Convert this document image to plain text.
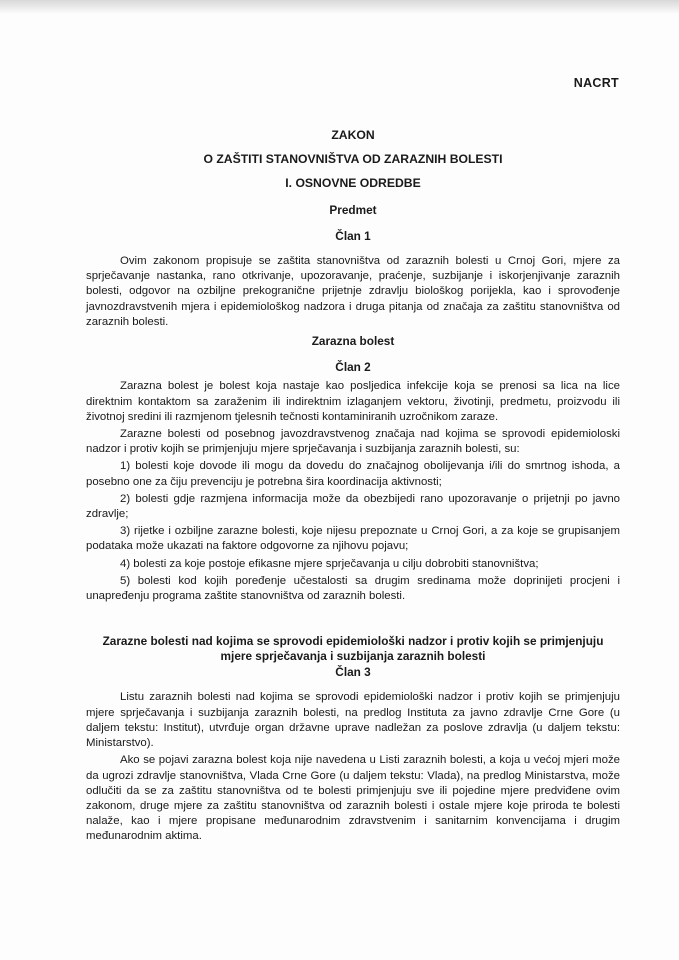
NACRT

ZAKON

O ZAŠTITI STANOVNIŠTVA OD ZARAZNIH BOLESTI

I. OSNOVNE ODREDBE

Predmet

Član 1

Ovim zakonom propisuje se zaštita stanovništva od zaraznih bolesti u Crnoj Gori, mjere za sprječavanje nastanka, rano otkrivanje, upozoravanje, praćenje, suzbijanje i iskorjenjivanje zaraznih bolesti, odgovor na ozbiljne prekogranične prijetnje zdravlju biološkog porijekla, kao i sprovođenje javnozdravstvenih mjera i epidemiološkog nadzora i druga pitanja od značaja za zaštitu stanovništva od zaraznih bolesti.

Zarazna bolest

Član 2

Zarazna bolest je bolest koja nastaje kao posljedica infekcije koja se prenosi sa lica na lice direktnim kontaktom sa zaraženim ili indirektnim izlaganjem vektoru, životinji, predmetu, proizvodu ili životnoj sredini ili razmjenom tjelesnih tečnosti kontaminiranih uzročnikom zaraze.

Zarazne bolesti od posebnog javozdravstvenog značaja nad kojima se sprovodi epidemioloski nadzor i protiv kojih se primjenjuju mjere sprječavanja i suzbijanja zaraznih bolesti, su:

1) bolesti koje dovode ili mogu da dovedu do značajnog obolijevanja i/ili do smrtnog ishoda, a posebno one za čiju prevenciju je potrebna šira koordinacija aktivnosti;

2) bolesti gdje razmjena informacija može da obezbijedi rano upozoravanje o prijetnji po javno zdravlje;

3) rijetke i ozbiljne zarazne bolesti, koje nijesu prepoznate u Crnoj Gori, a za koje se grupisanjem podataka može ukazati na faktore odgovorne za njihovu pojavu;

4) bolesti za koje postoje efikasne mjere sprječavanja u cilju dobrobiti stanovništva;

5) bolesti kod kojih poređenje učestalosti sa drugim sredinama može doprinijeti procjeni i unapređenju programa zaštite stanovništva od zaraznih bolesti.

Zarazne bolesti nad kojima se sprovodi epidemiološki nadzor i protiv kojih se primjenjuju mjere sprječavanja i suzbijanja zaraznih bolesti

Član 3

Listu zaraznih bolesti nad kojima se sprovodi epidemiološki nadzor i protiv kojih se primjenjuju mjere sprječavanja i suzbijanja zaraznih bolesti, na predlog Instituta za javno zdravlje Crne Gore (u daljem tekstu: Institut), utvrđuje organ državne uprave nadležan za poslove zdravlja (u daljem tekstu: Ministarstvo).

Ako se pojavi zarazna bolest koja nije navedena u Listi zaraznih bolesti, a koja u većoj mjeri može da ugrozi zdravlje stanovništva, Vlada Crne Gore (u daljem tekstu: Vlada), na predlog Ministarstva, može odlučiti da se za zaštitu stanovništva od te bolesti primjenjuju sve ili pojedine mjere predviđene ovim zakonom, druge mjere za zaštitu stanovništva od zaraznih bolesti i ostale mjere koje priroda te bolesti nalaže, kao i mjere propisane međunarodnim zdravstvenim i sanitarnim konvencijama i drugim međunarodnim aktima.
